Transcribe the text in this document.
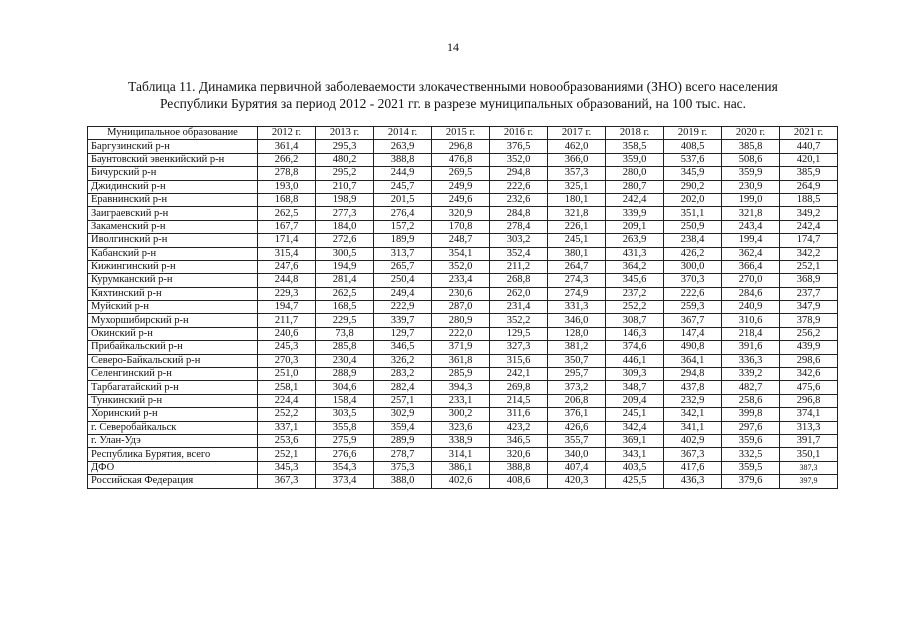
14
Таблица 11. Динамика первичной заболеваемости злокачественными новообразованиями (ЗНО) всего населения
Республики Бурятия за период 2012 - 2021 гг. в разрезе муниципальных образований, на 100 тыс. нас.
Муниципальное образование	2012 г.	2013 г.	2014 г.	2015 г.	2016 г.	2017 г.	2018 г.	2019 г.	2020 г.	2021 г.
Баргузинский р-н	361,4	295,3	263,9	296,8	376,5	462,0	358,5	408,5	385,8	440,7
Баунтовский эвенкийский р-н	266,2	480,2	388,8	476,8	352,0	366,0	359,0	537,6	508,6	420,1
Бичурский р-н	278,8	295,2	244,9	269,5	294,8	357,3	280,0	345,9	359,9	385,9
Джидинский р-н	193,0	210,7	245,7	249,9	222,6	325,1	280,7	290,2	230,9	264,9
Еравнинский р-н	168,8	198,9	201,5	249,6	232,6	180,1	242,4	202,0	199,0	188,5
Заиграевский р-н	262,5	277,3	276,4	320,9	284,8	321,8	339,9	351,1	321,8	349,2
Закаменский р-н	167,7	184,0	157,2	170,8	278,4	226,1	209,1	250,9	243,4	242,4
Иволгинский р-н	171,4	272,6	189,9	248,7	303,2	245,1	263,9	238,4	199,4	174,7
Кабанский р-н	315,4	300,5	313,7	354,1	352,4	380,1	431,3	426,2	362,4	342,2
Кижингинский р-н	247,6	194,9	265,7	352,0	211,2	264,7	364,2	300,0	366,4	252,1
Курумканский р-н	244,8	281,4	250,4	233,4	268,8	274,3	345,6	370,3	270,0	368,9
Кяхтинский р-н	229,3	262,5	249,4	230,6	262,0	274,9	237,2	222,6	284,6	237,7
Муйский р-н	194,7	168,5	222,9	287,0	231,4	331,3	252,2	259,3	240,9	347,9
Мухоршибирский р-н	211,7	229,5	339,7	280,9	352,2	346,0	308,7	367,7	310,6	378,9
Окинский р-н	240,6	73,8	129,7	222,0	129,5	128,0	146,3	147,4	218,4	256,2
Прибайкальский р-н	245,3	285,8	346,5	371,9	327,3	381,2	374,6	490,8	391,6	439,9
Северо-Байкальский р-н	270,3	230,4	326,2	361,8	315,6	350,7	446,1	364,1	336,3	298,6
Селенгинский р-н	251,0	288,9	283,2	285,9	242,1	295,7	309,3	294,8	339,2	342,6
Тарбагатайский р-н	258,1	304,6	282,4	394,3	269,8	373,2	348,7	437,8	482,7	475,6
Тункинский р-н	224,4	158,4	257,1	233,1	214,5	206,8	209,4	232,9	258,6	296,8
Хоринский р-н	252,2	303,5	302,9	300,2	311,6	376,1	245,1	342,1	399,8	374,1
г. Северобайкальск	337,1	355,8	359,4	323,6	423,2	426,6	342,4	341,1	297,6	313,3
г. Улан-Удэ	253,6	275,9	289,9	338,9	346,5	355,7	369,1	402,9	359,6	391,7
Республика Бурятия, всего	252,1	276,6	278,7	314,1	320,6	340,0	343,1	367,3	332,5	350,1
ДФО	345,3	354,3	375,3	386,1	388,8	407,4	403,5	417,6	359,5	387,3
Российская Федерация	367,3	373,4	388,0	402,6	408,6	420,3	425,5	436,3	379,6	397,9
